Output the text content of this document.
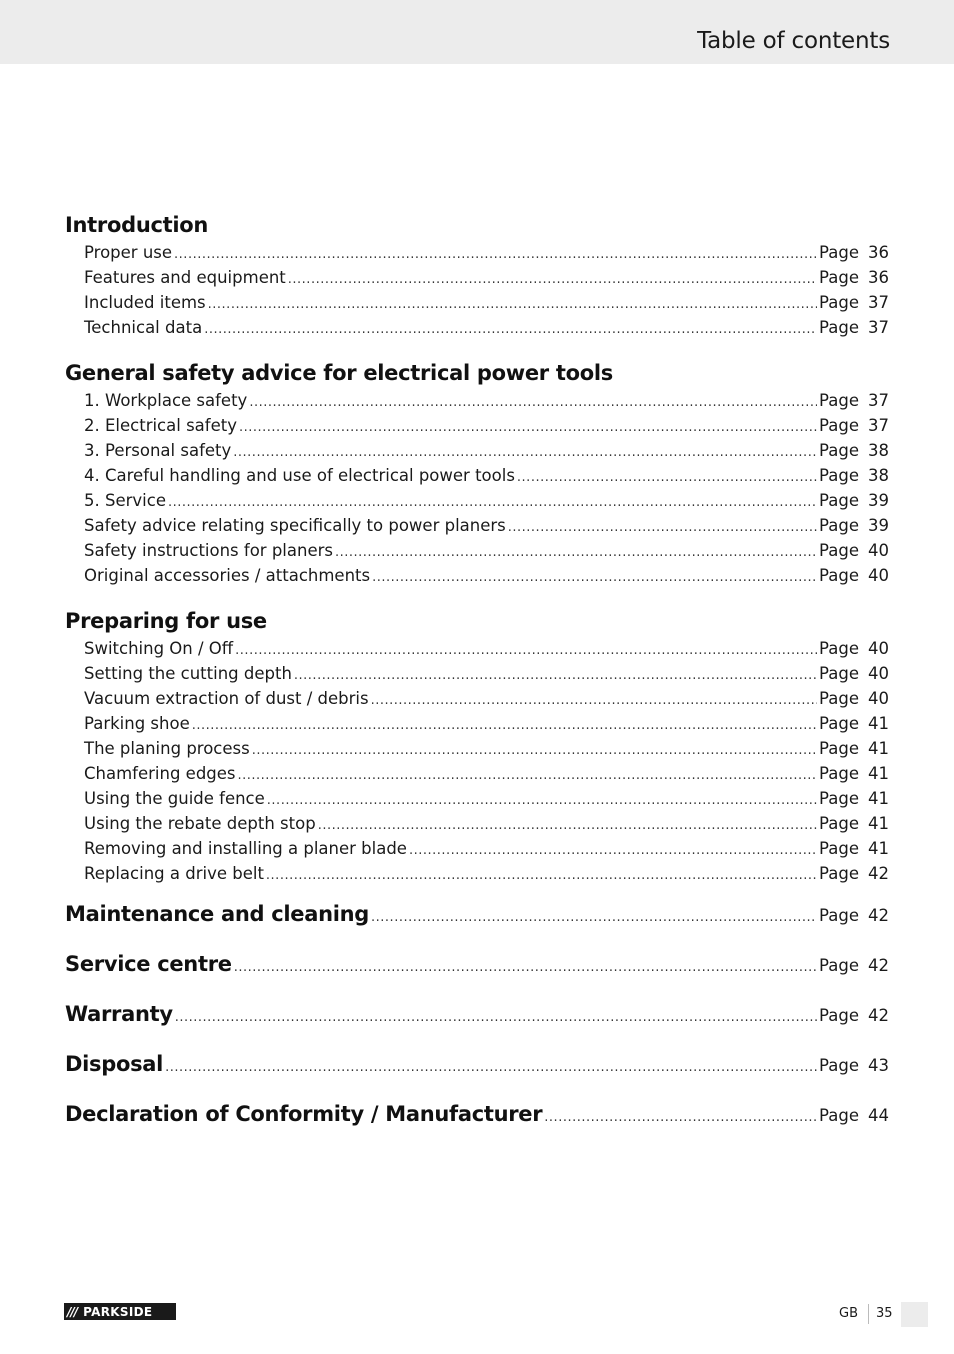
Table of contents
Introduction
Proper use .....	Page 36
Features and equipment .....	Page 36
Included items .....	Page 37
Technical data .....	Page 37
General safety advice for electrical power tools
1. Workplace safety .....	Page 37
2. Electrical safety .....	Page 37
3. Personal safety .....	Page 38
4. Careful handling and use of electrical power tools .....	Page 38
5. Service .....	Page 39
Safety advice relating specifically to power planers .....	Page 39
Safety instructions for planers .....	Page 40
Original accessories / attachments .....	Page 40
Preparing for use
Switching On / Off .....	Page 40
Setting the cutting depth .....	Page 40
Vacuum extraction of dust / debris .....	Page 40
Parking shoe .....	Page 41
The planing process .....	Page 41
Chamfering edges .....	Page 41
Using the guide fence .....	Page 41
Using the rebate depth stop .....	Page 41
Removing and installing a planer blade .....	Page 41
Replacing a drive belt .....	Page 42
Maintenance and cleaning .....	Page 42
Service centre .....	Page 42
Warranty .....	Page 42
Disposal .....	Page 43
Declaration of Conformity / Manufacturer .....	Page 44
/// PARKSIDE	GB 35
